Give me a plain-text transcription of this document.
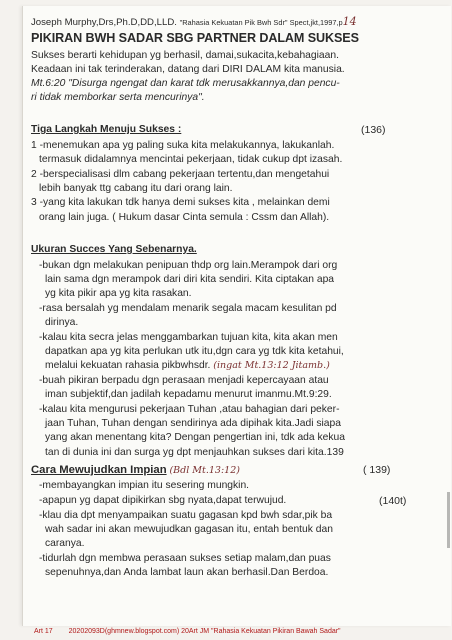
Joseph Murphy,Drs,Ph.D,DD,LLD. "Rahasia Kekuatan Pik Bwh Sdr" Spect,jkt,1997,p14
PIKIRAN BWH SADAR SBG PARTNER DALAM SUKSES
Sukses berarti kehidupan yg berhasil, damai,sukacita,kebahagiaan.
Keadaan ini tak terinderakan, datang dari DIRI DALAM kita manusia.
Mt.6:20 "Disurga ngengat dan karat tdk merusakkannya,dan pencu-
ri tidak memborkar serta mencurinya".
Tiga Langkah Menuju Sukses :	(136)
1 -menemukan apa yg paling suka kita melakukannya, lakukanlah.
termasuk didalamnya mencintai pekerjaan, tidak cukup dpt izasah.
2 -berspecialisasi dlm cabang pekerjaan tertentu,dan mengetahui
lebih banyak ttg cabang itu dari orang lain.
3 -yang kita lakukan tdk hanya demi sukses kita , melainkan demi
orang lain juga. ( Hukum dasar Cinta semula : Cssm dan Allah).
Ukuran Succes Yang Sebenarnya.
-bukan dgn melakukan penipuan thdp org lain.Merampok dari org
lain sama dgn merampok dari diri kita sendiri. Kita ciptakan apa
yg kita pikir apa yg kita rasakan.
-rasa bersalah yg mendalam menarik segala macam kesulitan pd
dirinya.
-kalau kita secra jelas menggambarkan tujuan kita, kita akan men
dapatkan apa yg kita perlukan utk itu,dgn cara yg tdk kita ketahui,
melalui kekuatan rahasia pikbwhsdr. (ingat Mt.13:12 Jitamb.)
-buah pikiran berpadu dgn perasaan menjadi kepercayaan atau
iman subjektif,dan jadilah kepadamu menurut imanmu.Mt.9:29.
-kalau kita mengurusi pekerjaan Tuhan ,atau bahagian dari peker-
jaan Tuhan, Tuhan dengan sendirinya ada dipihak kita.Jadi siapa
yang akan menentang kita? Dengan pengertian ini, tdk ada kekua
tan di dunia ini dan surga yg dpt menjauhkan sukses dari kita.139
Cara Mewujudkan Impian (Bdl Mt.13:12)	( 139)
-membayangkan impian itu sesering mungkin.
-apapun yg dapat dipikirkan sbg nyata,dapat terwujud.	(140t)
-klau dia dpt menyampaikan suatu gagasan kpd bwh sdar,pik ba
wah sadar ini akan mewujudkan gagasan itu, entah bentuk dan
caranya.
-tidurlah dgn membwa perasaan sukses setiap malam,dan puas
sepenuhnya,dan Anda lambat laun akan berhasil.Dan Berdoa.
Art 17 20202093D(ghmnew.blogspot.com) 20Art JM "Rahasia Kekuatan Pikiran Bawah Sadar"
